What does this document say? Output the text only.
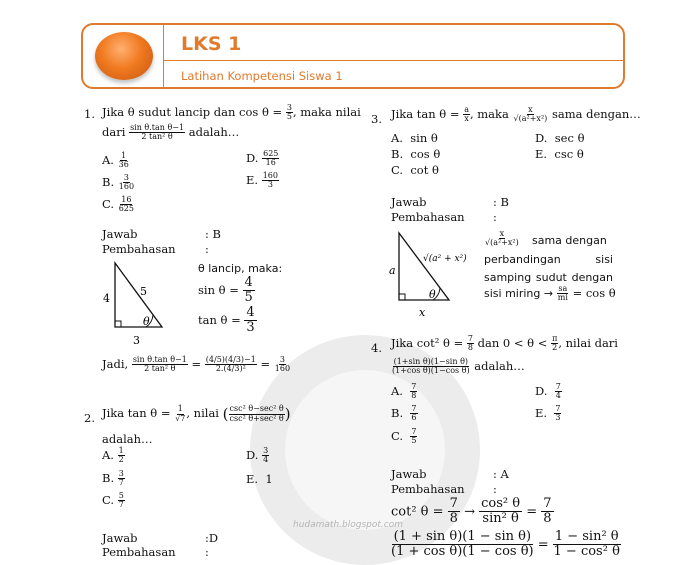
hudamath.blogspot.com
LKS 1
Latihan Kompetensi Siswa 1
1. Jika θ sudut lancip dan $\cos \theta = \frac{3}{5}$ , maka nilai
dari $\frac{\text{sin θ.tan θ−1}}{\text{2 tan² θ}}$ adalah…
A. $\frac{1}{36}$
B. $\frac{3}{160}$
C. $\frac{16}{625}$
D. $\frac{625}{16}$
E. $\frac{160}{3}$
Jawab	: B
Pembahasan	:
4
5
3
θ
θ lancip, maka:
$\sin \theta = \frac{4}{5}$
$\tan \theta = \frac{4}{3}$
Jadi, $\frac{\text{sin θ.tan θ−1}}{\text{2 tan² θ}} = \frac{(4/5)(4/3)-1}{\text{2.(4/3)²}} = \frac{3}{160}$
2. Jika $\tan \theta = \frac{1}{√7}$ , nilai ( $\frac{\text{csc² θ−sec² θ}}{\text{csc² θ+sec² θ}}$ )
adalah…
A. $\frac{1}{2}$
B. $\frac{3}{7}$
C. $\frac{5}{7}$
D. $\frac{3}{4}$
E. 1
Jawab	:D
Pembahasan	:
3. Jika $\tan \theta = \frac{a}{x}$ , maka $\frac{x}{\text{√(a²+x²)}}$ sama dengan…
A. sin θ
B. cos θ
C. cot θ
D. sec θ
E. csc θ
Jawab	: B
Pembahasan :
a
√(a² + x²)
x
θ
$\frac{x}{\text{√(a²+x²)}}$ sama dengan
perbandingan sisi
samping sudut dengan
sisi miring → $\frac{sa}{mi} = \cos \theta$
4. Jika cot² $\theta = \frac{7}{8}$ dan $0 < \theta < \frac{\pi}{2}$ , nilai dari
$\frac{\text{(1+sin θ)(1−sin θ)}}{\text{(1+cos θ)(1−cos θ)}}$ adalah…
A. $\frac{7}{8}$
B. $\frac{7}{6}$
C. $\frac{7}{5}$
D. $\frac{7}{4}$
E. $\frac{7}{3}$
Jawab	: A
Pembahasan :
cot² $\theta = \frac{7}{8} \to \frac{\text{cos² θ}}{\text{sin² θ}} = \frac{7}{8}$
$\frac{\text{(1 + sin θ)(1 − sin θ)}}{\text{(1 + cos θ)(1 − cos θ)}} = \frac{\text{1 − sin² θ}}{\text{1 − cos² θ}}$
